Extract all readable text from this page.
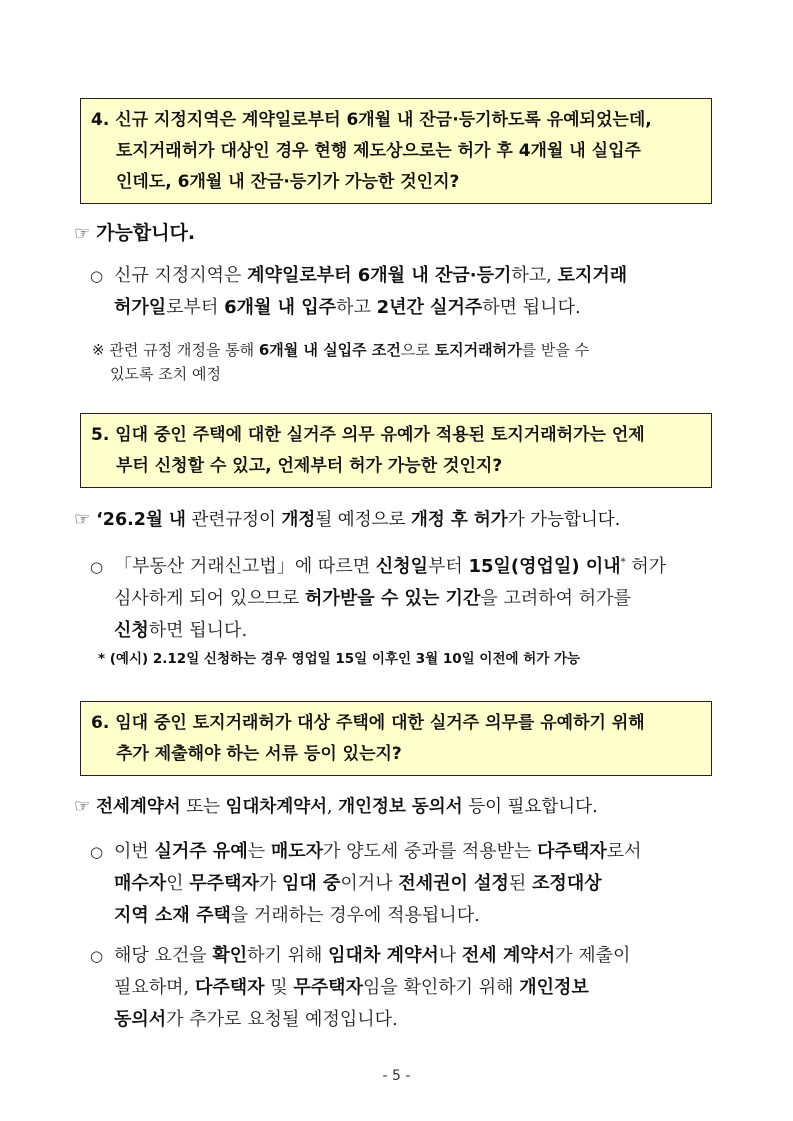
4. 신규 지정지역은 계약일로부터 6개월 내 잔금·등기하도록 유예되었는데,
토지거래허가 대상인 경우 현행 제도상으로는 허가 후 4개월 내 실입주
인데도, 6개월 내 잔금·등기가 가능한 것인지?
☞ 가능합니다.
○ 신규 지정지역은 계약일로부터 6개월 내 잔금·등기하고, 토지거래
허가일로부터 6개월 내 입주하고 2년간 실거주하면 됩니다.
※ 관련 규정 개정을 통해 6개월 내 실입주 조건으로 토지거래허가를 받을 수
있도록 조치 예정
5. 임대 중인 주택에 대한 실거주 의무 유예가 적용된 토지거래허가는 언제
부터 신청할 수 있고, 언제부터 허가 가능한 것인지?
☞ ‘26.2월 내 관련규정이 개정될 예정으로 개정 후 허가가 가능합니다.
○ 「부동산 거래신고법」에 따르면 신청일부터 15일(영업일) 이내* 허가
심사하게 되어 있으므로 허가받을 수 있는 기간을 고려하여 허가를
신청하면 됩니다.
* (예시) 2.12일 신청하는 경우 영업일 15일 이후인 3월 10일 이전에 허가 가능
6. 임대 중인 토지거래허가 대상 주택에 대한 실거주 의무를 유예하기 위해
추가 제출해야 하는 서류 등이 있는지?
☞ 전세계약서 또는 임대차계약서, 개인정보 동의서 등이 필요합니다.
○ 이번 실거주 유예는 매도자가 양도세 중과를 적용받는 다주택자로서
매수자인 무주택자가 임대 중이거나 전세권이 설정된 조정대상
지역 소재 주택을 거래하는 경우에 적용됩니다.
○ 해당 요건을 확인하기 위해 임대차 계약서나 전세 계약서가 제출이
필요하며, 다주택자 및 무주택자임을 확인하기 위해 개인정보
동의서가 추가로 요청될 예정입니다.
- 5 -
